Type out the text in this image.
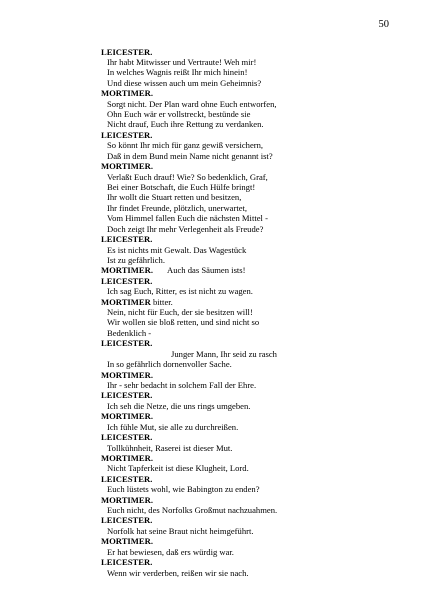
50
LEICESTER.
Ihr habt Mitwisser und Vertraute! Weh mir!
In welches Wagnis reißt Ihr mich hinein!
Und diese wissen auch um mein Geheimnis?
MORTIMER.
Sorgt nicht. Der Plan ward ohne Euch entworfen,
Ohn Euch wär er vollstreckt, bestünde sie
Nicht drauf, Euch ihre Rettung zu verdanken.
LEICESTER.
So könnt Ihr mich für ganz gewiß versichern,
Daß in dem Bund mein Name nicht genannt ist?
MORTIMER.
Verlaßt Euch drauf! Wie? So bedenklich, Graf,
Bei einer Botschaft, die Euch Hülfe bringt!
Ihr wollt die Stuart retten und besitzen,
Ihr findet Freunde, plötzlich, unerwartet,
Vom Himmel fallen Euch die nächsten Mittel -
Doch zeigt Ihr mehr Verlegenheit als Freude?
LEICESTER.
Es ist nichts mit Gewalt. Das Wagestück
Ist zu gefährlich.
MORTIMER. Auch das Säumen ists!
LEICESTER.
Ich sag Euch, Ritter, es ist nicht zu wagen.
MORTIMER bitter.
Nein, nicht für Euch, der sie besitzen will!
Wir wollen sie bloß retten, und sind nicht so
Bedenklich -
LEICESTER.
Junger Mann, Ihr seid zu rasch
In so gefährlich dornenvoller Sache.
MORTIMER.
Ihr - sehr bedacht in solchem Fall der Ehre.
LEICESTER.
Ich seh die Netze, die uns rings umgeben.
MORTIMER.
Ich fühle Mut, sie alle zu durchreißen.
LEICESTER.
Tollkühnheit, Raserei ist dieser Mut.
MORTIMER.
Nicht Tapferkeit ist diese Klugheit, Lord.
LEICESTER.
Euch lüstets wohl, wie Babington zu enden?
MORTIMER.
Euch nicht, des Norfolks Großmut nachzuahmen.
LEICESTER.
Norfolk hat seine Braut nicht heimgeführt.
MORTIMER.
Er hat bewiesen, daß ers würdig war.
LEICESTER.
Wenn wir verderben, reißen wir sie nach.
